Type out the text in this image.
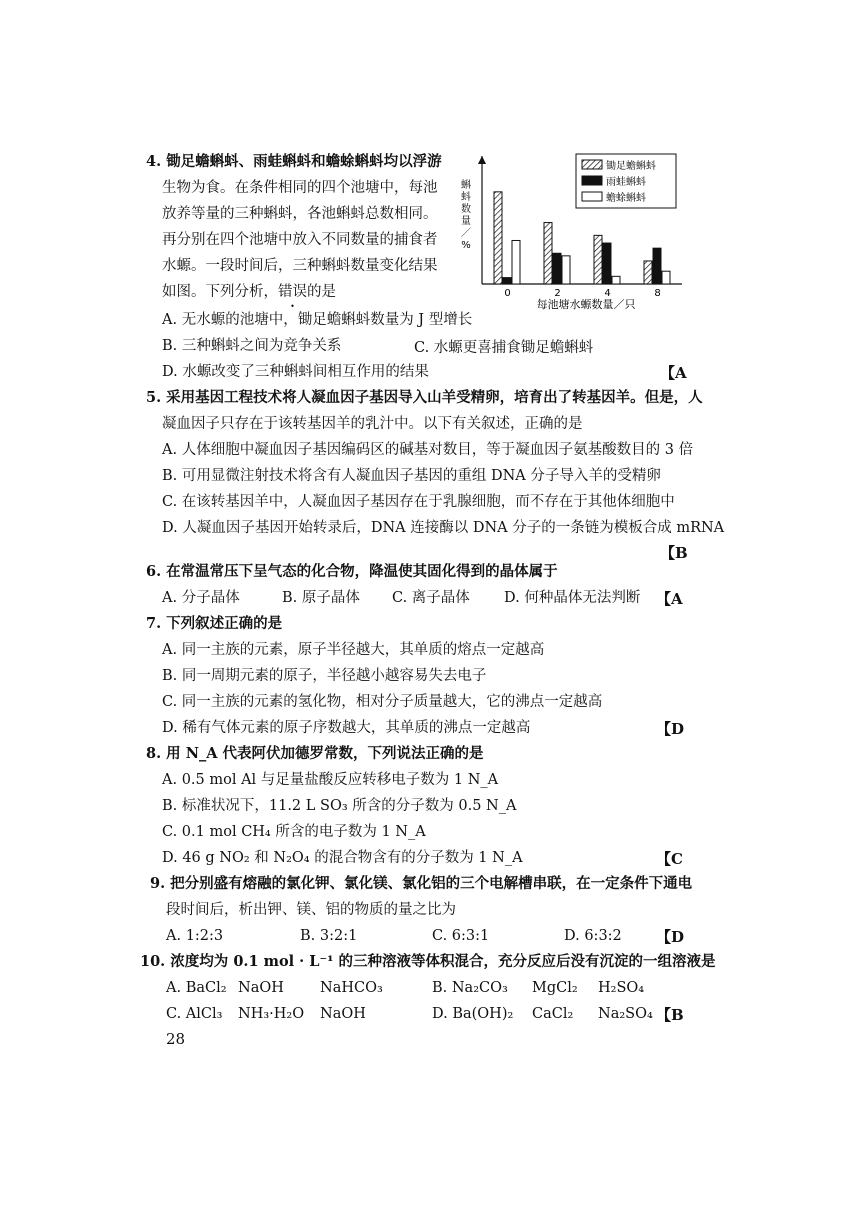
4. 锄足蟾蝌蚪、雨蛙蝌蚪和蟾蜍蝌蚪均以浮游
生物为食。在条件相同的四个池塘中，每池
放养等量的三种蝌蚪，各池蝌蚪总数相同。
再分别在四个池塘中放入不同数量的捕食者
水螈。一段时间后，三种蝌蚪数量变化结果
如图。下列分析，错误的是
A. 无水螈的池塘中，锄足蟾蝌蚪数量为 J 型增长
B. 三种蝌蚪之间为竞争关系	C. 水螈更喜捕食锄足蟾蝌蚪
D. 水螈改变了三种蝌蚪间相互作用的结果	【A
0	2	4	8
锄足蟾蝌蚪
雨蛙蝌蚪
蟾蜍蝌蚪
蝌
蚪
数
量
／
%
每池塘水螈数量／只
5. 采用基因工程技术将人凝血因子基因导入山羊受精卵，培育出了转基因羊。但是，人
凝血因子只存在于该转基因羊的乳汁中。以下有关叙述，正确的是
A. 人体细胞中凝血因子基因编码区的碱基对数目，等于凝血因子氨基酸数目的 3 倍
B. 可用显微注射技术将含有人凝血因子基因的重组 DNA 分子导入羊的受精卵
C. 在该转基因羊中，人凝血因子基因存在于乳腺细胞，而不存在于其他体细胞中
D. 人凝血因子基因开始转录后，DNA 连接酶以 DNA 分子的一条链为模板合成 mRNA
【B
6. 在常温常压下呈气态的化合物，降温使其固化得到的晶体属于
A. 分子晶体	B. 原子晶体 C. 离子晶体 D. 何种晶体无法判断 【A
7. 下列叙述正确的是
A. 同一主族的元素，原子半径越大，其单质的熔点一定越高
B. 同一周期元素的原子，半径越小越容易失去电子
C. 同一主族的元素的氢化物，相对分子质量越大，它的沸点一定越高
D. 稀有气体元素的原子序数越大，其单质的沸点一定越高	【D
8. 用 N_A 代表阿伏加德罗常数，下列说法正确的是
A. 0.5 mol Al 与足量盐酸反应转移电子数为 1 N_A
B. 标准状况下，11.2 L SO₃ 所含的分子数为 0.5 N_A
C. 0.1 mol CH₄ 所含的电子数为 1 N_A
D. 46 g NO₂ 和 N₂O₄ 的混合物含有的分子数为 1 N_A	【C
9. 把分别盛有熔融的氯化钾、氯化镁、氯化铝的三个电解槽串联，在一定条件下通电
段时间后，析出钾、镁、铝的物质的量之比为
A. 1:2:3	B. 3:2:1	C. 6:3:1	D. 6:3:2 【D
10. 浓度均为 0.1 mol · L⁻¹ 的三种溶液等体积混合，充分反应后没有沉淀的一组溶液是
A. BaCl₂ NaOH NaHCO₃	B. Na₂CO₃ MgCl₂ H₂SO₄
C. AlCl₃ NH₃·H₂O NaOH	D. Ba(OH)₂ CaCl₂ Na₂SO₄ 【B
28
